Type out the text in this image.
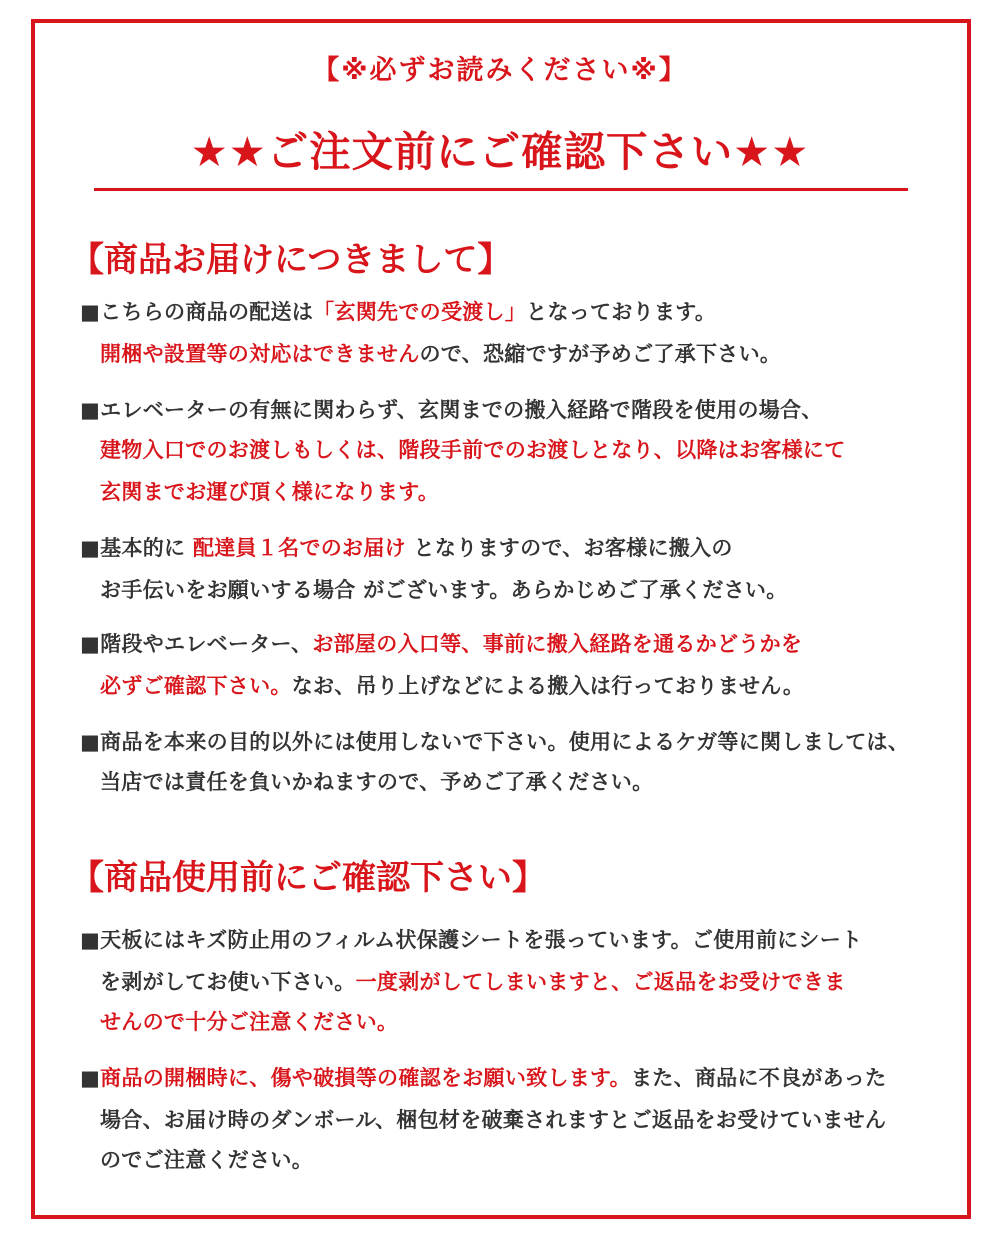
【※必ずお読みください※】
★★ご注文前にご確認下さい★★
【商品お届けにつきまして】
■こちらの商品の配送は「玄関先での受渡し」となっております。
開梱や設置等の対応はできませんので、恐縮ですが予めご了承下さい。
■エレベーターの有無に関わらず、玄関までの搬入経路で階段を使用の場合、
建物入口でのお渡しもしくは、階段手前でのお渡しとなり、以降はお客様にて
玄関までお運び頂く様になります。
■基本的に 配達員１名でのお届け となりますので、お客様に搬入の
お手伝いをお願いする場合 がございます。あらかじめご了承ください。
■階段やエレベーター、お部屋の入口等、事前に搬入経路を通るかどうかを
必ずご確認下さい。なお、吊り上げなどによる搬入は行っておりません。
■商品を本来の目的以外には使用しないで下さい。使用によるケガ等に関しましては、
当店では責任を負いかねますので、予めご了承ください。
【商品使用前にご確認下さい】
■天板にはキズ防止用のフィルム状保護シートを張っています。ご使用前にシート
を剥がしてお使い下さい。一度剥がしてしまいますと、ご返品をお受けできま
せんので十分ご注意ください。
■商品の開梱時に、傷や破損等の確認をお願い致します。また、商品に不良があった
場合、お届け時のダンボール、梱包材を破棄されますとご返品をお受けていません
のでご注意ください。
